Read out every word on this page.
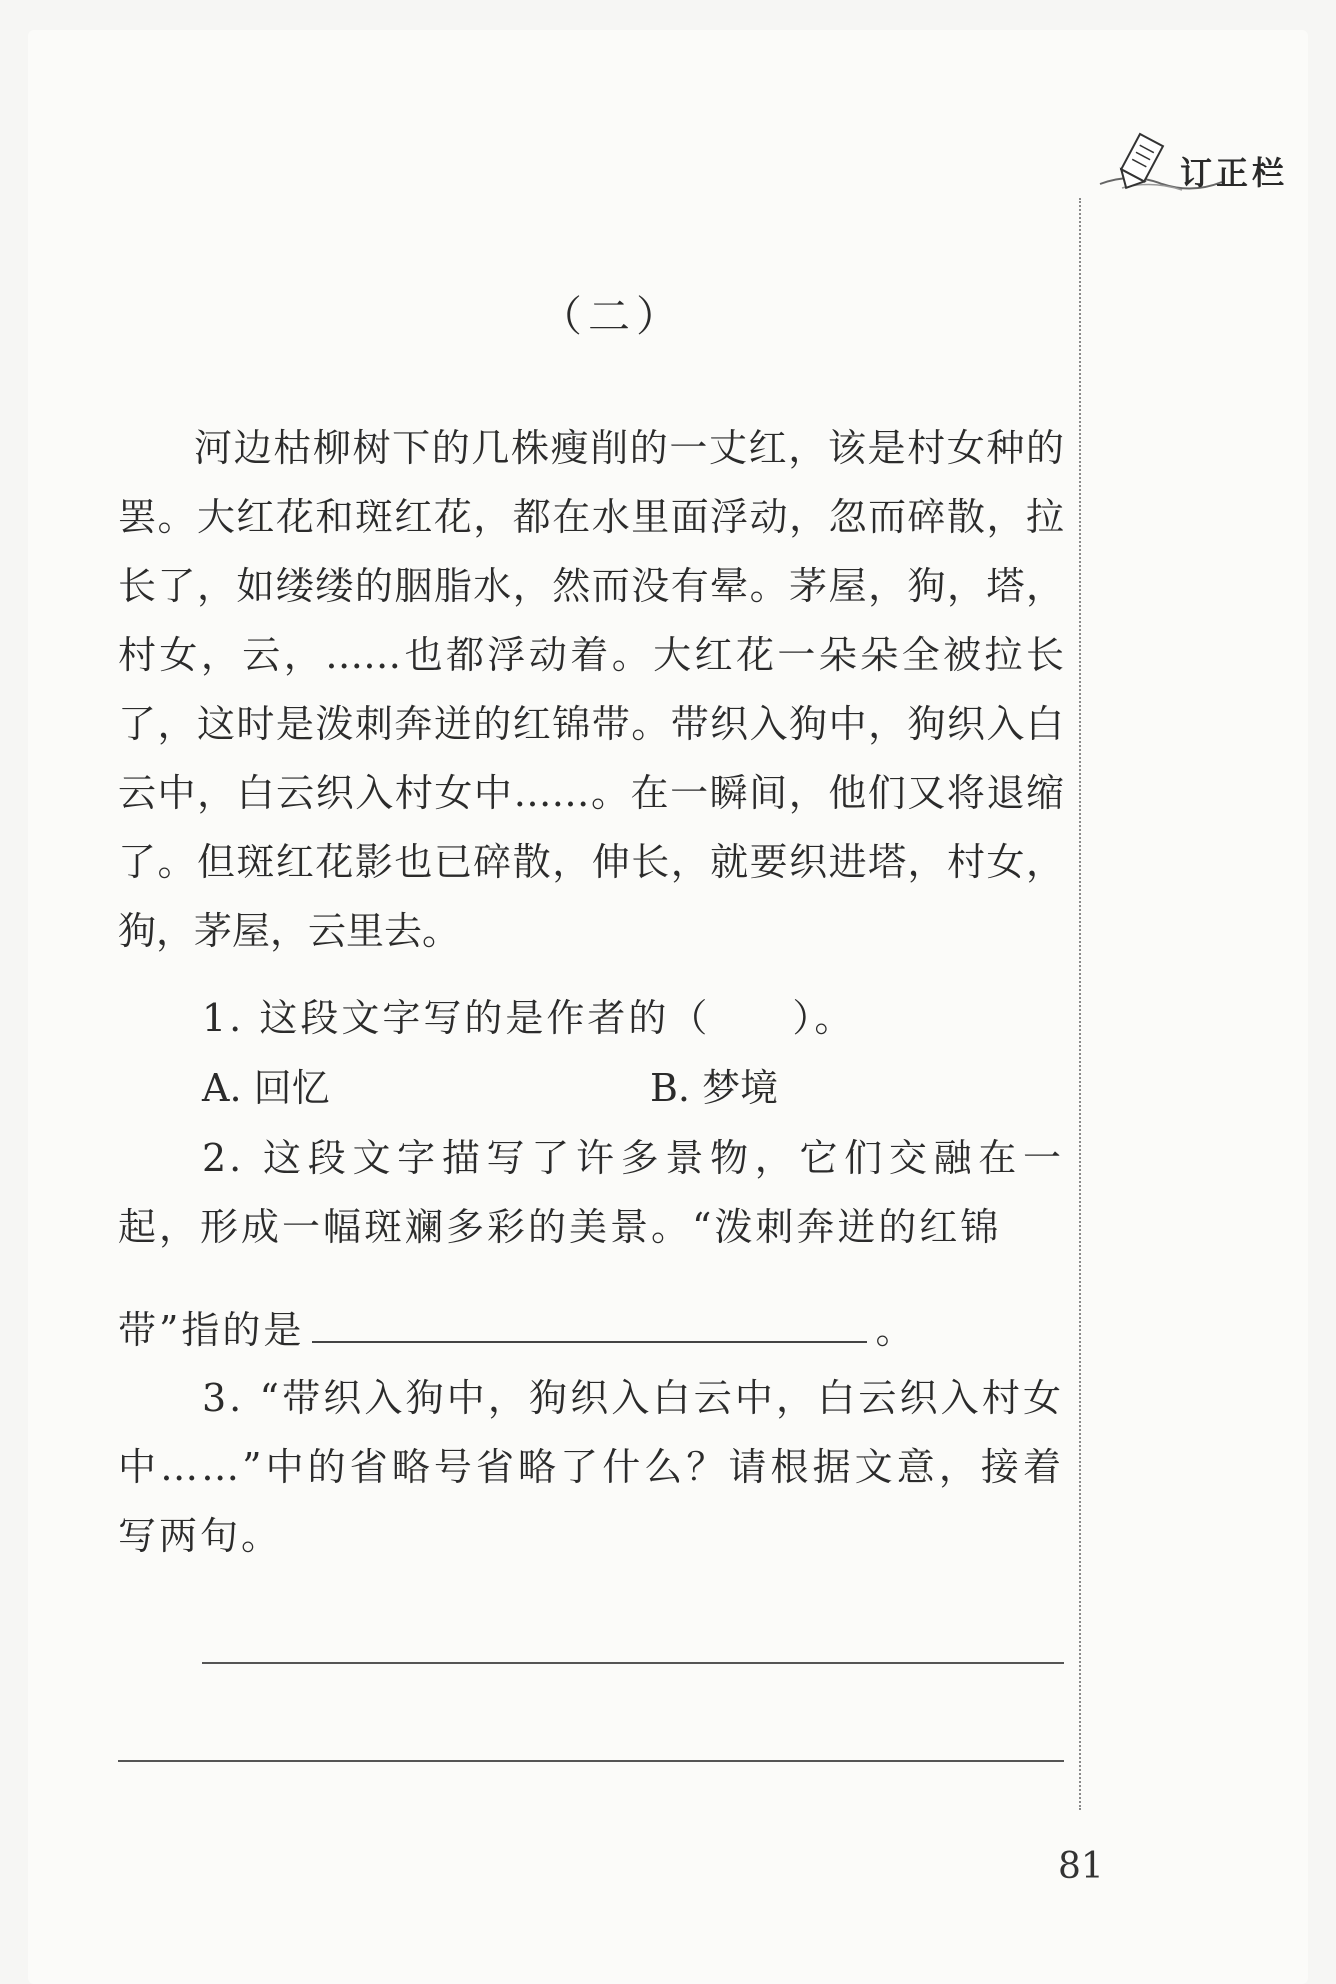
订正栏
（二）

河边枯柳树下的几株瘦削的一丈红，该是村女种的罢。大红花和斑红花，都在水里面浮动，忽而碎散，拉长了，如缕缕的胭脂水，然而没有晕。茅屋，狗，塔，村女，云，……也都浮动着。大红花一朵朵全被拉长了，这时是泼刺奔迸的红锦带。带织入狗中，狗织入白云中，白云织入村女中……。在一瞬间，他们又将退缩了。但斑红花影也已碎散，伸长，就要织进塔，村女，狗，茅屋，云里去。

1. 这段文字写的是作者的（　　）。
A. 回忆	B. 梦境
2. 这段文字描写了许多景物，它们交融在一起，形成一幅斑斓多彩的美景。“泼刺奔迸的红锦
带”指的是	。
3. “带织入狗中，狗织入白云中，白云织入村女中……”中的省略号省略了什么？请根据文意，接着写两句。
81
